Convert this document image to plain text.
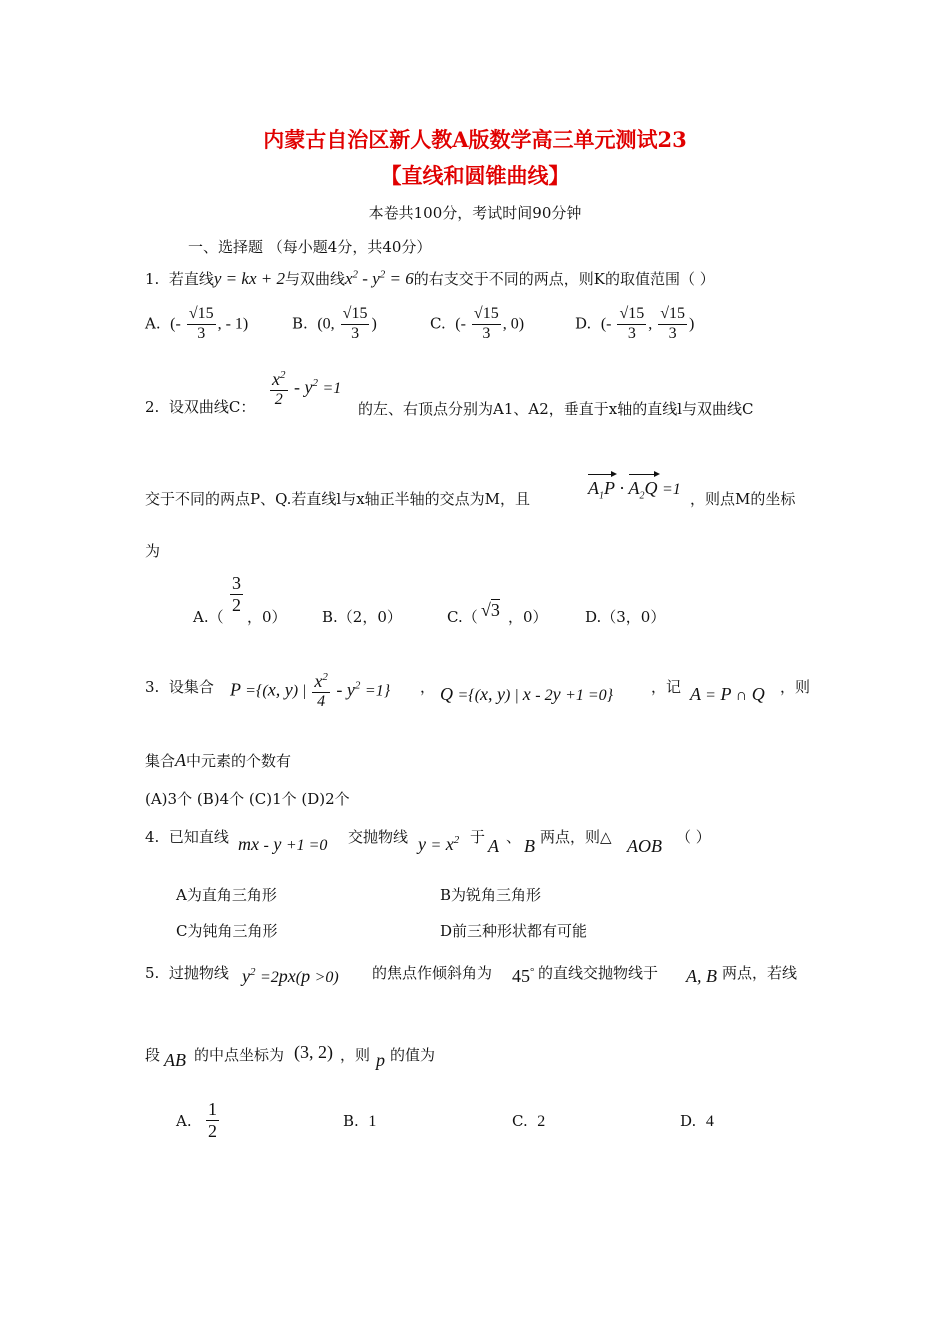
内蒙古自治区新人教A版数学高三单元测试23
【直线和圆锥曲线】
本卷共100分，考试时间90分钟
一、选择题 （每小题4分，共40分）
1. 若直线y = kx + 2与双曲线$x^2 - y^2 = 6$的右支交于不同的两点，则K的取值范围（ ）
A. (- $\frac{√15}{3}$ , - 1)	B. (0, $\frac{√15}{3}$ )	C. (- $\frac{√15}{3}$ , 0)	D. (- $\frac{√15}{3}$ , $\frac{√15}{3}$ )
2. 设双曲线C： $\frac{x^2}{2} - y^2 =1$
的左、右顶点分别为A1、A2，垂直于x轴的直线l与双曲线C
交于不同的两点P、Q.若直线l与x轴正半轴的交点为M，且
$A_1P \cdot A_2Q =1$
，则点M的坐标
为
A.（
$\frac{3}{2}$
，0） B.（2，0）	C.（ √3 ，0） D.（3，0）
3. 设集合 P ={(x, y) | $\frac{x^2}{4} - y^2 =1$} ， Q ={(x, y) | x - 2y +1 =0}	，记 A = P ∩ Q ，则
集合A中元素的个数有
(A)3个 (B)4个 (C)1个 (D)2个
4. 已知直线 mx - y +1 =0 交抛物线 $y = x^2$ 于 A 、 B 两点，则△ AOB （ ）
A为直角三角形	B为锐角三角形
C为钝角三角形	D前三种形状都有可能
5. 过抛物线 $y^2 =2px(p >0)$ 的焦点作倾斜角为 45° 的直线交抛物线于 A, B 两点，若线
段 AB 的中点坐标为 (3, 2) ，则 p 的值为
A. $\frac{1}{2}$	B. 1	C. 2	D. 4
